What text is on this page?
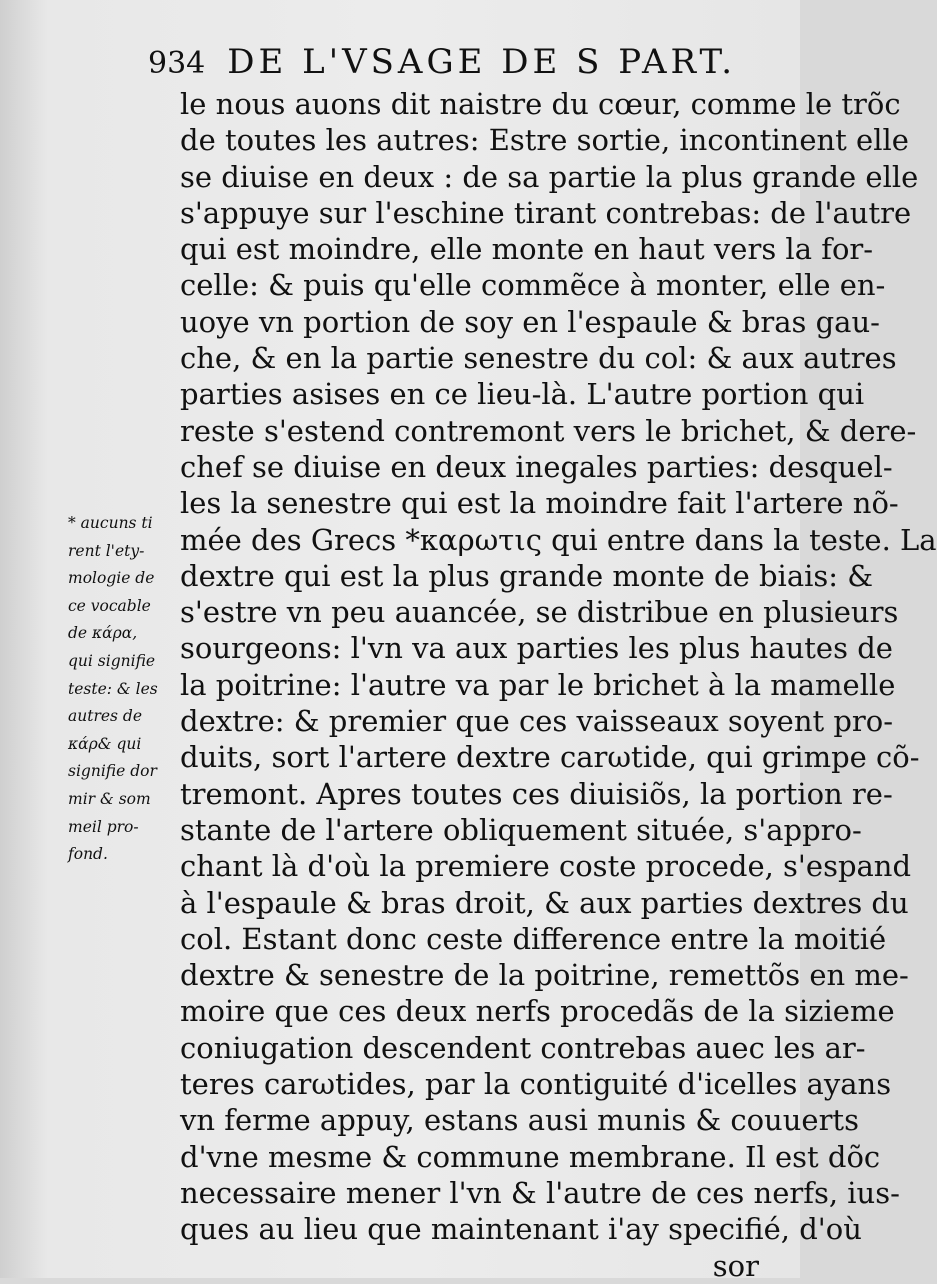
934 DE L'VSAGE DE S PART.
le nous auons dit naistre du cœur, comme le trõc
de toutes les autres: Estre sortie, incontinent elle
se diuise en deux : de sa partie la plus grande elle
s'appuye sur l'eschine tirant contrebas: de l'autre
qui est moindre, elle monte en haut vers la for-
celle: & puis qu'elle commẽce à monter, elle en-
uoye vn portion de soy en l'espaule & bras gau-
che, & en la partie senestre du col: & aux autres
parties asises en ce lieu-là. L'autre portion qui
reste s'estend contremont vers le brichet, & dere-
chef se diuise en deux inegales parties: desquel-
les la senestre qui est la moindre fait l'artere nõ-
mée des Grecs *καρωτις qui entre dans la teste. La
dextre qui est la plus grande monte de biais: &
s'estre vn peu auancée, se distribue en plusieurs
sourgeons: l'vn va aux parties les plus hautes de
la poitrine: l'autre va par le brichet à la mamelle
dextre: & premier que ces vaisseaux soyent pro-
duits, sort l'artere dextre carωtide, qui grimpe cõ-
tremont. Apres toutes ces diuisiõs, la portion re-
stante de l'artere obliquement située, s'appro-
chant là d'où la premiere coste procede, s'espand
à l'espaule & bras droit, & aux parties dextres du
col. Estant donc ceste difference entre la moitié
dextre & senestre de la poitrine, remettõs en me-
moire que ces deux nerfs procedãs de la sizieme
coniugation descendent contrebas auec les ar-
teres carωtides, par la contiguité d'icelles ayans
vn ferme appuy, estans ausi munis & couuerts
d'vne mesme & commune membrane. Il est dõc
necessaire mener l'vn & l'autre de ces nerfs, ius-
ques au lieu que maintenant i'ay specifié, d'où
sor
* aucuns ti
rent l'ety-
mologie de
ce vocable
de κάρα,
qui signifie
teste: & les
autres de
κάρ& qui
signifie dor
mir & som
meil pro-
fond.
